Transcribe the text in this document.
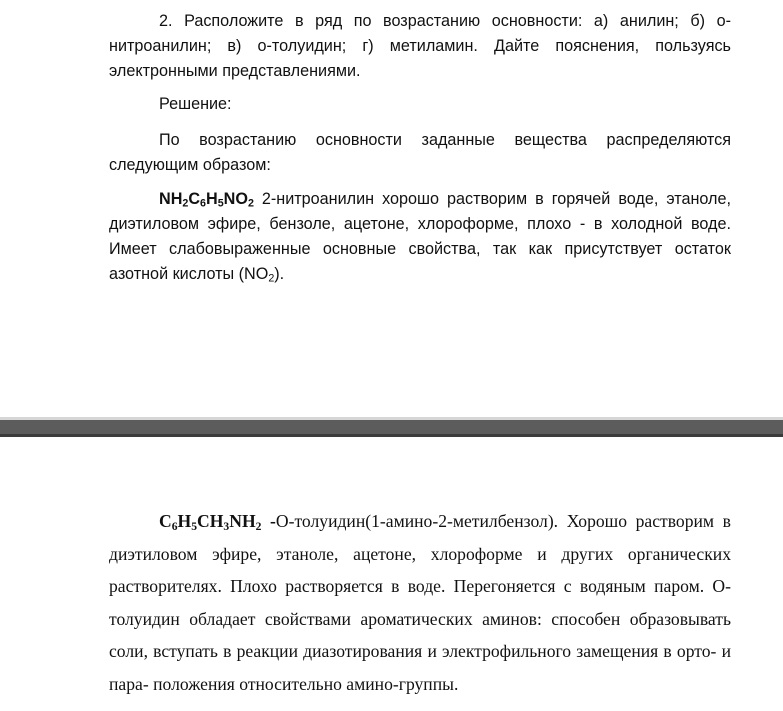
2. Расположите в ряд по возрастанию основности: а) анилин; б) о-нитроанилин; в) о-толуидин; г) метиламин. Дайте пояснения, пользуясь электронными представлениями.

Решение:

По возрастанию основности заданные вещества распределяются следующим образом:

$NH_2C_6H_5NO_2$ 2-нитроанилин хорошо растворим в горячей воде, этаноле, диэтиловом эфире, бензоле, ацетоне, хлороформе, плохо - в холодной воде. Имеет слабовыраженные основные свойства, так как присутствует остаток азотной кислоты $(NO_2)$.

$C_6H_5CH_3NH_2$ -О-толуидин(1-амино-2-метилбензол). Хорошо растворим в диэтиловом эфире, этаноле, ацетоне, хлороформе и других органических растворителях. Плохо растворяется в воде. Перегоняется с водяным паром. О-толуидин обладает свойствами ароматических аминов: способен образовывать соли, вступать в реакции диазотирования и электрофильного замещения в орто- и пара- положения относительно амино-группы.
